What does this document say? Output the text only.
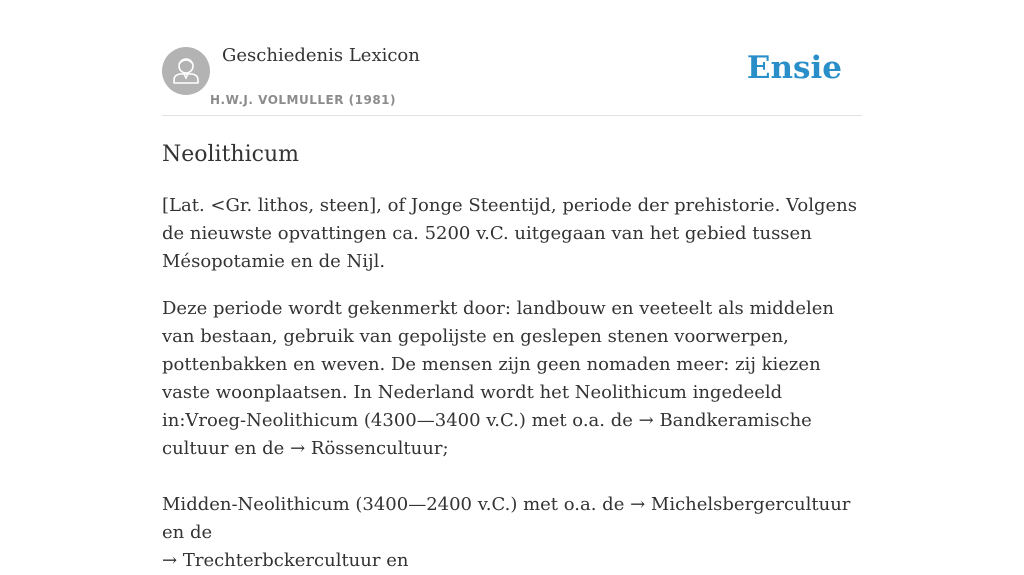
Geschiedenis Lexicon
H.W.J. VOLMULLER (1981)
Ensie
Neolithicum

[Lat. <Gr. lithos, steen], of Jonge Steentijd, periode der prehistorie. Volgens de nieuwste opvattingen ca. 5200 v.C. uitgegaan van het gebied tussen Mésopotamie en de Nijl.

Deze periode wordt gekenmerkt door: landbouw en veeteelt als middelen van bestaan, gebruik van gepolijste en geslepen stenen voorwerpen, pottenbakken en weven. De mensen zijn geen nomaden meer: zij kiezen vaste woonplaatsen. In Nederland wordt het Neolithicum ingedeeld in:Vroeg-Neolithicum (4300—3400 v.C.) met o.a. de → Bandkeramische cultuur en de → Rössencultuur;

Midden-Neolithicum (3400—2400 v.C.) met o.a. de → Michelsbergercultuur en de
→ Trechterbckercultuur en
